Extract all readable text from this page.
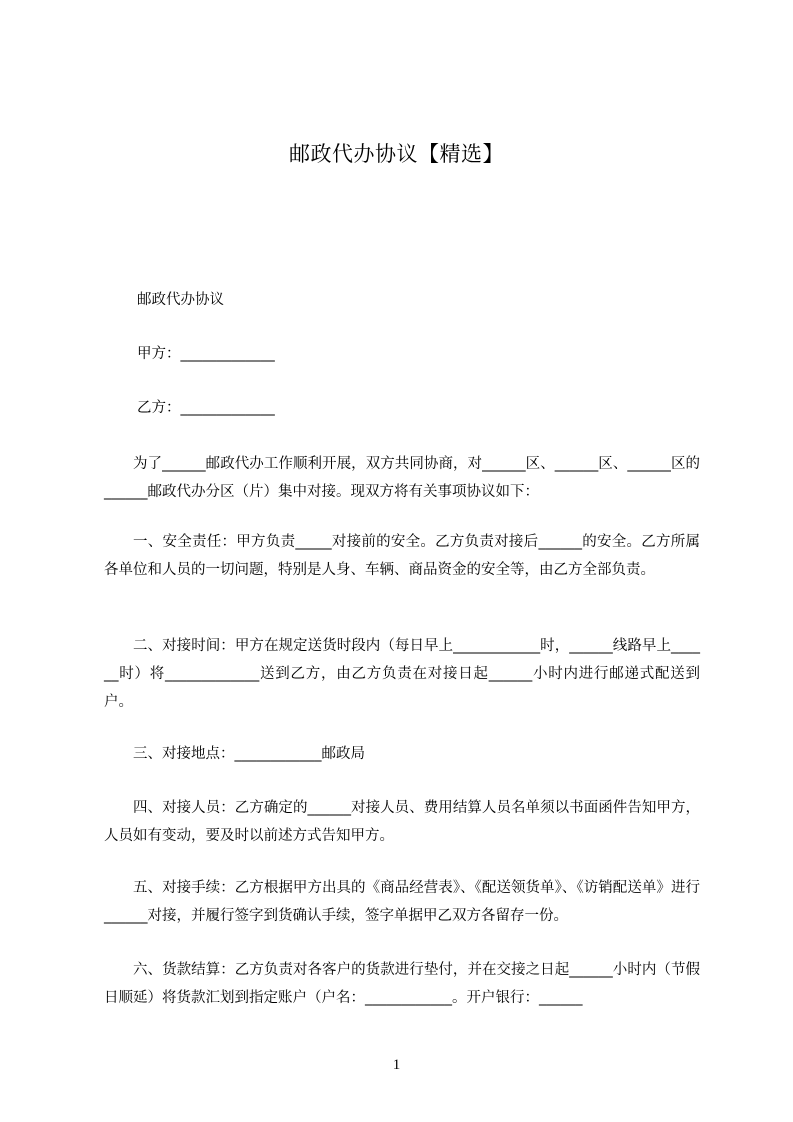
邮政代办协议【精选】

邮政代办协议

甲方：_____________

乙方：_____________

为了______邮政代办工作顺利开展，双方共同协商，对______区、______区、______区的______邮政代办分区（片）集中对接。现双方将有关事项协议如下：

一、安全责任：甲方负责_____对接前的安全。乙方负责对接后______的安全。乙方所属各单位和人员的一切问题，特别是人身、车辆、商品资金的安全等，由乙方全部负责。

二、对接时间：甲方在规定送货时段内（每日早上____________时，______线路早上______时）将_____________送到乙方，由乙方负责在对接日起______小时内进行邮递式配送到户。

三、对接地点：____________邮政局

四、对接人员：乙方确定的______对接人员、费用结算人员名单须以书面函件告知甲方，人员如有变动，要及时以前述方式告知甲方。

五、对接手续：乙方根据甲方出具的《商品经营表》、《配送领货单》、《访销配送单》进行______对接，并履行签字到货确认手续，签字单据甲乙双方各留存一份。

六、货款结算：乙方负责对各客户的货款进行垫付，并在交接之日起______小时内（节假日顺延）将货款汇划到指定账户（户名：____________。开户银行：______

1
